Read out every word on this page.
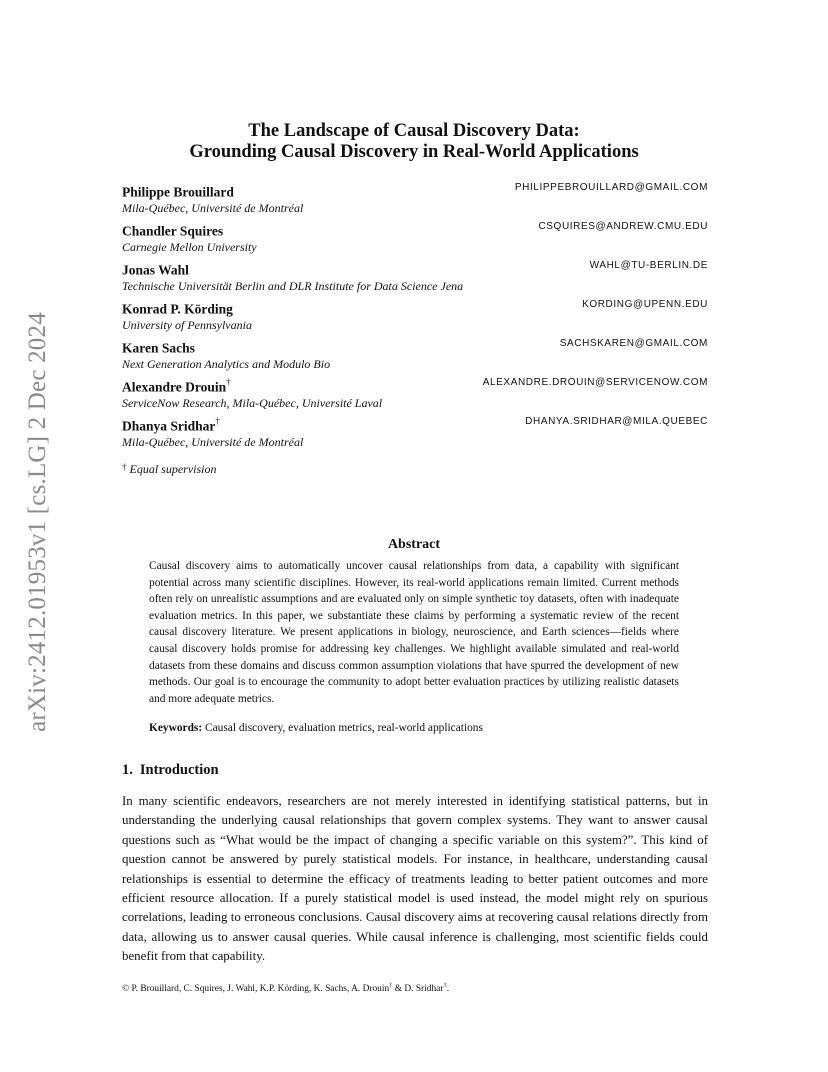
arXiv:2412.01953v1 [cs.LG] 2 Dec 2024
The Landscape of Causal Discovery Data:
Grounding Causal Discovery in Real-World Applications
Philippe Brouillard
Mila-Québec, Université de Montréal
PHILIPPEBROUILLARD@GMAIL.COM
Chandler Squires
Carnegie Mellon University
CSQUIRES@ANDREW.CMU.EDU
Jonas Wahl
Technische Universität Berlin and DLR Institute for Data Science Jena
WAHL@TU-BERLIN.DE
Konrad P. Körding
University of Pennsylvania
KORDING@UPENN.EDU
Karen Sachs
Next Generation Analytics and Modulo Bio
SACHSKAREN@GMAIL.COM
Alexandre Drouin†
ServiceNow Research, Mila-Québec, Université Laval
ALEXANDRE.DROUIN@SERVICENOW.COM
Dhanya Sridhar†
Mila-Québec, Université de Montréal
DHANYA.SRIDHAR@MILA.QUEBEC
† Equal supervision
Abstract
Causal discovery aims to automatically uncover causal relationships from data, a capability with significant potential across many scientific disciplines. However, its real-world applications remain limited. Current methods often rely on unrealistic assumptions and are evaluated only on simple synthetic toy datasets, often with inadequate evaluation metrics. In this paper, we substantiate these claims by performing a systematic review of the recent causal discovery literature. We present applications in biology, neuroscience, and Earth sciences—fields where causal discovery holds promise for addressing key challenges. We highlight available simulated and real-world datasets from these domains and discuss common assumption violations that have spurred the development of new methods. Our goal is to encourage the community to adopt better evaluation practices by utilizing realistic datasets and more adequate metrics.
Keywords: Causal discovery, evaluation metrics, real-world applications
1. Introduction
In many scientific endeavors, researchers are not merely interested in identifying statistical patterns, but in understanding the underlying causal relationships that govern complex systems. They want to answer causal questions such as “What would be the impact of changing a specific variable on this system?”. This kind of question cannot be answered by purely statistical models. For instance, in healthcare, understanding causal relationships is essential to determine the efficacy of treatments leading to better patient outcomes and more efficient resource allocation. If a purely statistical model is used instead, the model might rely on spurious correlations, leading to erroneous conclusions. Causal discovery aims at recovering causal relations directly from data, allowing us to answer causal queries. While causal inference is challenging, most scientific fields could benefit from that capability.
© P. Brouillard, C. Squires, J. Wahl, K.P. Körding, K. Sachs, A. Drouin† & D. Sridhar†.
